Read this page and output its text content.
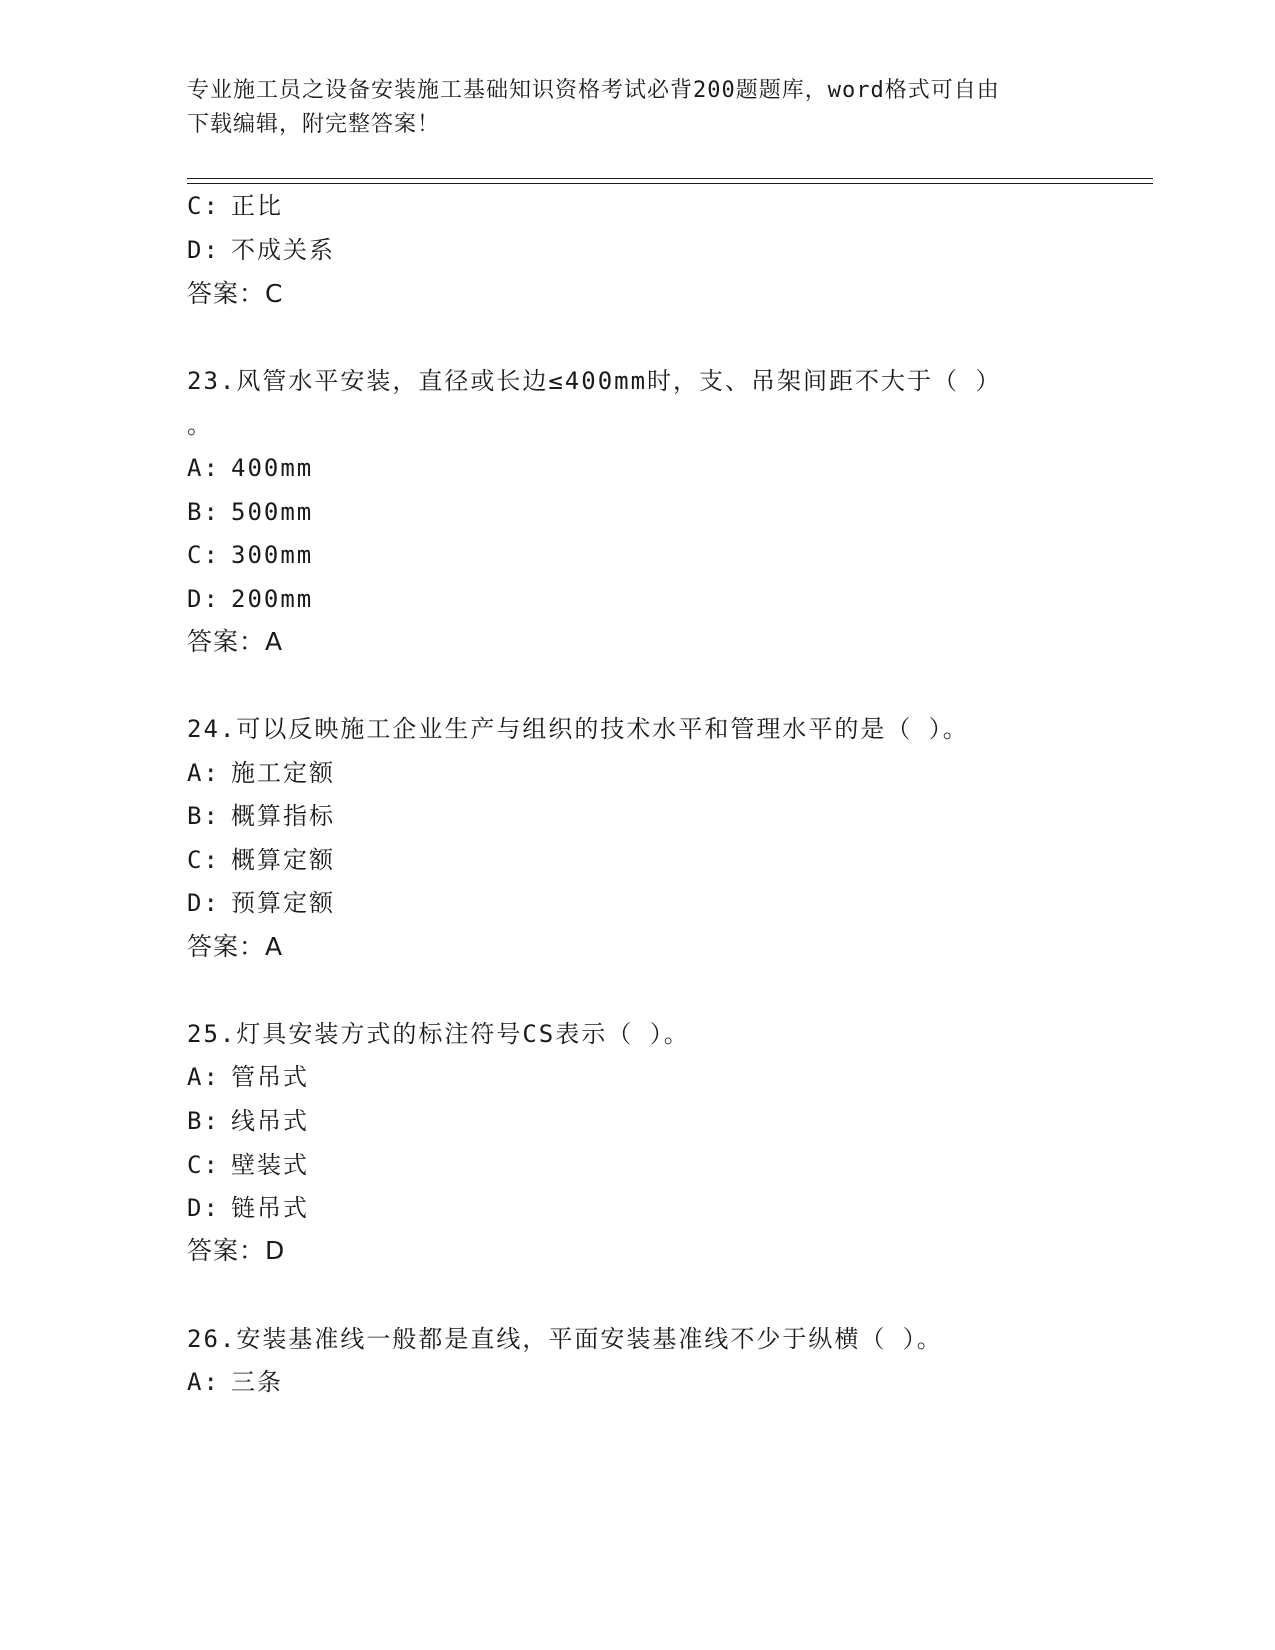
专业施工员之设备安装施工基础知识资格考试必背200题题库，word格式可自由
下载编辑，附完整答案！
C: 正比
D: 不成关系
答案：C
23.风管水平安装，直径或长边≤400mm时，支、吊架间距不大于（ ）
。
A: 400mm
B: 500mm
C: 300mm
D: 200mm
答案：A
24.可以反映施工企业生产与组织的技术水平和管理水平的是（ ）。
A: 施工定额
B: 概算指标
C: 概算定额
D: 预算定额
答案：A
25.灯具安装方式的标注符号CS表示（ ）。
A: 管吊式
B: 线吊式
C: 壁装式
D: 链吊式
答案：D
26.安装基准线一般都是直线，平面安装基准线不少于纵横（ ）。
A: 三条
